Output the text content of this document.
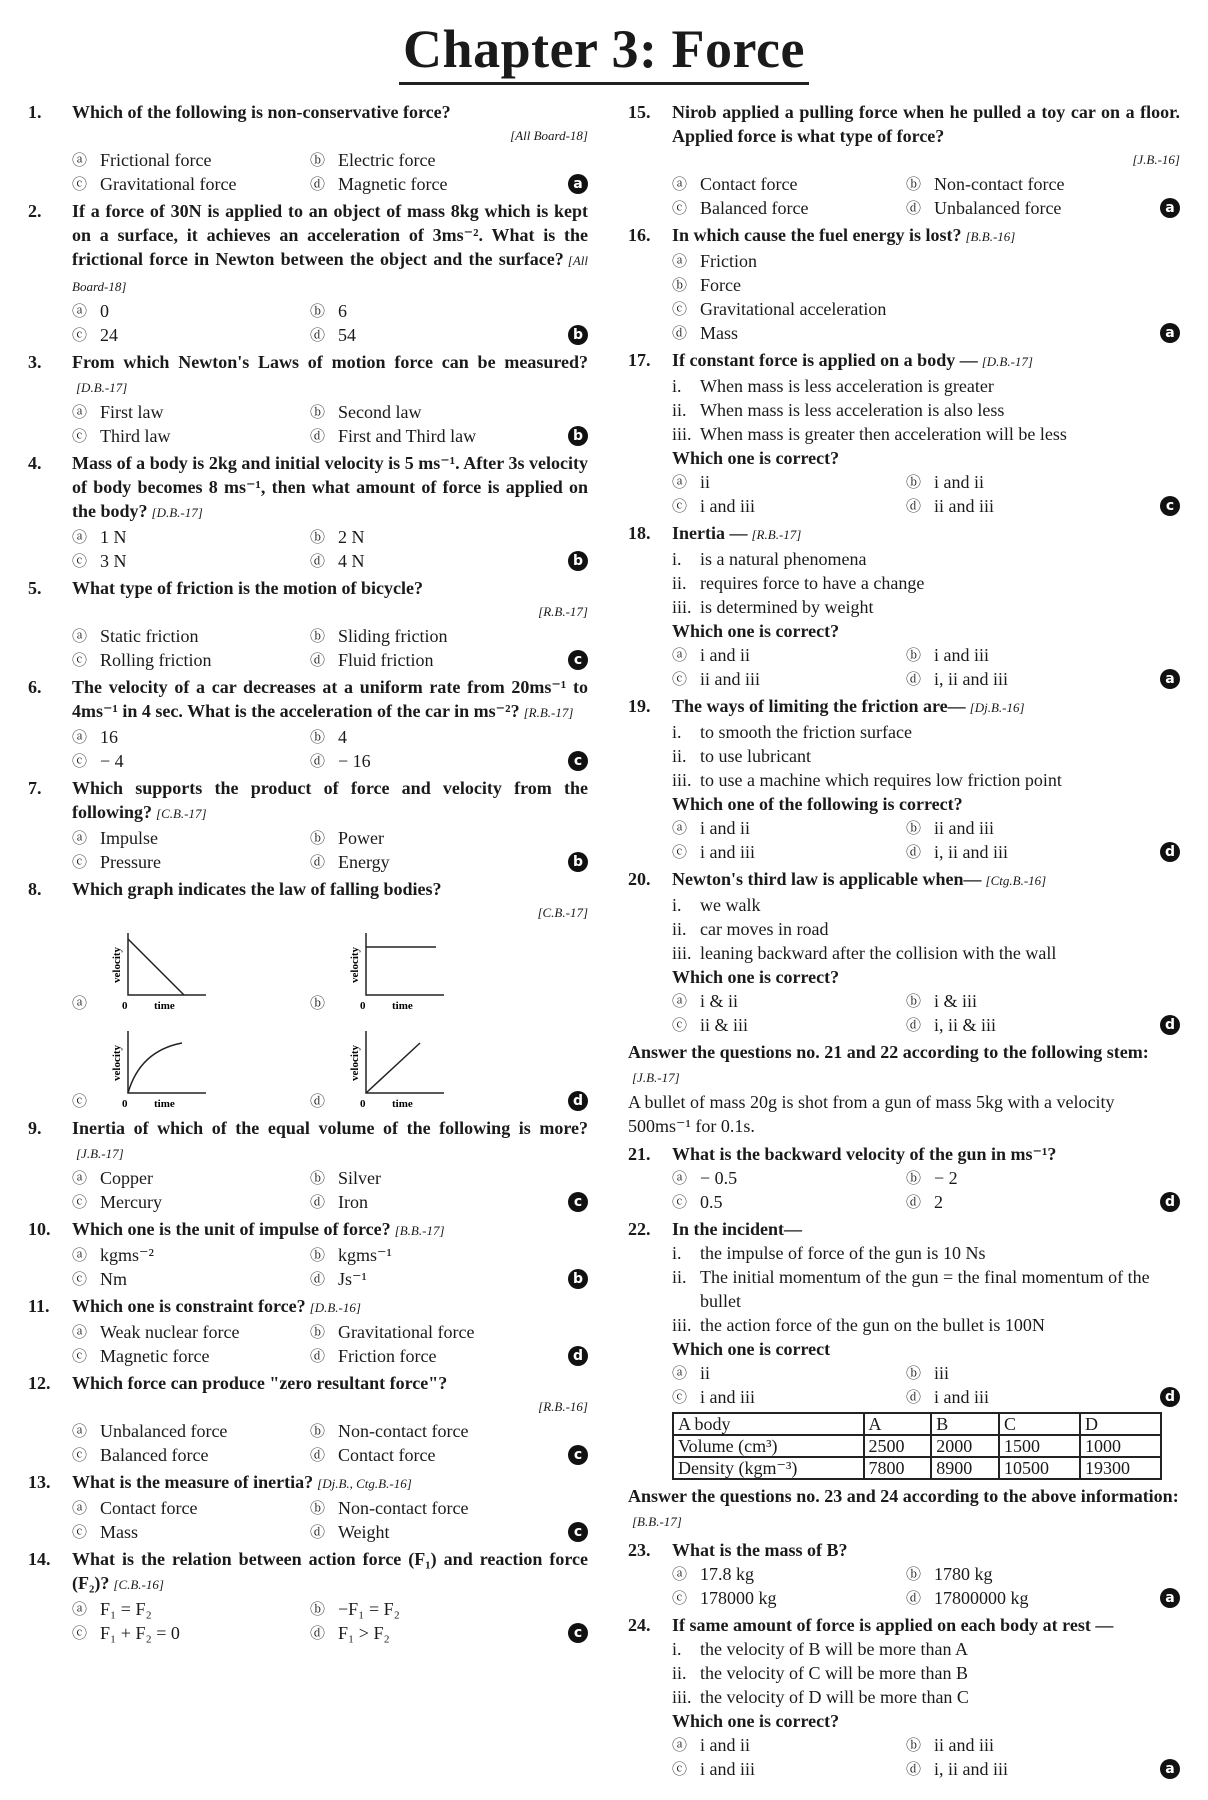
Chapter 3: Force
1.	Which of the following is non-conservative force?
[All Board-18]
ⓐ Frictional force	ⓑ Electric force
ⓒ Gravitational force	ⓓ Magnetic force	a
2.	If a force of 30N is applied to an object of mass 8kg which is kept on a surface, it achieves an acceleration of 3ms⁻². What is the frictional force in Newton between the object and the surface? [All Board-18]
ⓐ 0	ⓑ 6
ⓒ 24	ⓓ 54	b
3.	From which Newton's Laws of motion force can be measured?[D.B.-17]
ⓐ First law	ⓑ Second law
ⓒ Third law	ⓓ First and Third law	b
4.	Mass of a body is 2kg and initial velocity is 5 ms⁻¹. After 3s velocity of body becomes 8 ms⁻¹, then what amount of force is applied on the body? [D.B.-17]
ⓐ 1 N	ⓑ 2 N
ⓒ 3 N	ⓓ 4 N	b
5.	What type of friction is the motion of bicycle?
[R.B.-17]
ⓐ Static friction	ⓑ Sliding friction
ⓒ Rolling friction	ⓓ Fluid friction	c
6.	The velocity of a car decreases at a uniform rate from 20ms⁻¹ to 4ms⁻¹ in 4 sec. What is the acceleration of the car in ms⁻²? [R.B.-17]
ⓐ 16	ⓑ 4
ⓒ − 4	ⓓ − 16	c
7.	Which supports the product of force and velocity from the following? [C.B.-17]
ⓐ Impulse	ⓑ Power
ⓒ Pressure	ⓓ Energy	b
8.	Which graph indicates the law of falling bodies?
[C.B.-17]
ⓐ	0 time
velocity
ⓑ	0 time
velocity
ⓒ	0 time
velocity
ⓓ	0 time
velocity
d
9.	Inertia of which of the equal volume of the following is more?[J.B.-17]
ⓐ Copper	ⓑ Silver
ⓒ Mercury	ⓓ Iron	c
10.	Which one is the unit of impulse of force? [B.B.-17]
ⓐ kgms⁻²	ⓑ kgms⁻¹
ⓒ Nm	ⓓ Js⁻¹	b
11.	Which one is constraint force? [D.B.-16]
ⓐ Weak nuclear force	ⓑ Gravitational force
ⓒ Magnetic force	ⓓ Friction force	d
12.	Which force can produce "zero resultant force"?
[R.B.-16]
ⓐ Unbalanced force	ⓑ Non-contact force
ⓒ Balanced force	ⓓ Contact force	c
13.	What is the measure of inertia? [Dj.B., Ctg.B.-16]
ⓐ Contact force	ⓑ Non-contact force
ⓒ Mass	ⓓ Weight	c
14.	What is the relation between action force (F₁) and reaction force (F₂)? [C.B.-16]
ⓐ F₁ = F₂	ⓑ −F₁ = F₂
ⓒ F₁ + F₂ = 0	ⓓ F₁ > F₂	c
15.	Nirob applied a pulling force when he pulled a toy car on a floor. Applied force is what type of force?
[J.B.-16]
ⓐ Contact force	ⓑ Non-contact force
ⓒ Balanced force	ⓓ Unbalanced force	a
16.	In which cause the fuel energy is lost? [B.B.-16]
ⓐ Friction
ⓑ Force
ⓒ Gravitational acceleration
ⓓ Mass	a
17.	If constant force is applied on a body — [D.B.-17]
i.	When mass is less acceleration is greater
ii. When mass is less acceleration is also less
iii. When mass is greater then acceleration will be less
Which one is correct?
ⓐ ii	ⓑ i and ii
ⓒ i and iii	ⓓ ii and iii	c
18.	Inertia — [R.B.-17]
i.	is a natural phenomena
ii. requires force to have a change
iii. is determined by weight
Which one is correct?
ⓐ i and ii	ⓑ i and iii
ⓒ ii and iii	ⓓ i, ii and iii	a
19.	The ways of limiting the friction are— [Dj.B.-16]
i.	to smooth the friction surface
ii. to use lubricant
iii. to use a machine which requires low friction point
Which one of the following is correct?
ⓐ i and ii	ⓑ ii and iii
ⓒ i and iii	ⓓ i, ii and iii	d
20.	Newton's third law is applicable when— [Ctg.B.-16]
i.	we walk
ii. car moves in road
iii. leaning backward after the collision with the wall
Which one is correct?
ⓐ i & ii	ⓑ i & iii
ⓒ ii & iii	ⓓ i, ii & iii	d
Answer the questions no. 21 and 22 according to the following stem:[J.B.-17]
A bullet of mass 20g is shot from a gun of mass 5kg with a velocity 500ms⁻¹ for 0.1s.
21.	What is the backward velocity of the gun in ms⁻¹?
ⓐ − 0.5	ⓑ − 2
ⓒ 0.5	ⓓ 2	d
22.	In the incident—
i.	the impulse of force of the gun is 10 Ns
ii. The initial momentum of the gun = the final momentum of the bullet
iii. the action force of the gun on the bullet is 100N
Which one is correct
ⓐ ii	ⓑ iii
ⓒ i and iii	ⓓ i and iii	d
A body	A	B	C	D
Volume (cm³)	2500	2000	1500	1000
Density (kgm⁻³)	7800	8900	10500	19300
Answer the questions no. 23 and 24 according to the above information:[B.B.-17]
23.	What is the mass of B?
ⓐ 17.8 kg	ⓑ 1780 kg
ⓒ 178000 kg	ⓓ 17800000 kg	a
24.	If same amount of force is applied on each body at rest —
i.	the velocity of B will be more than A
ii. the velocity of C will be more than B
iii. the velocity of D will be more than C
Which one is correct?
ⓐ i and ii	ⓑ ii and iii
ⓒ i and iii	ⓓ i, ii and iii	a
